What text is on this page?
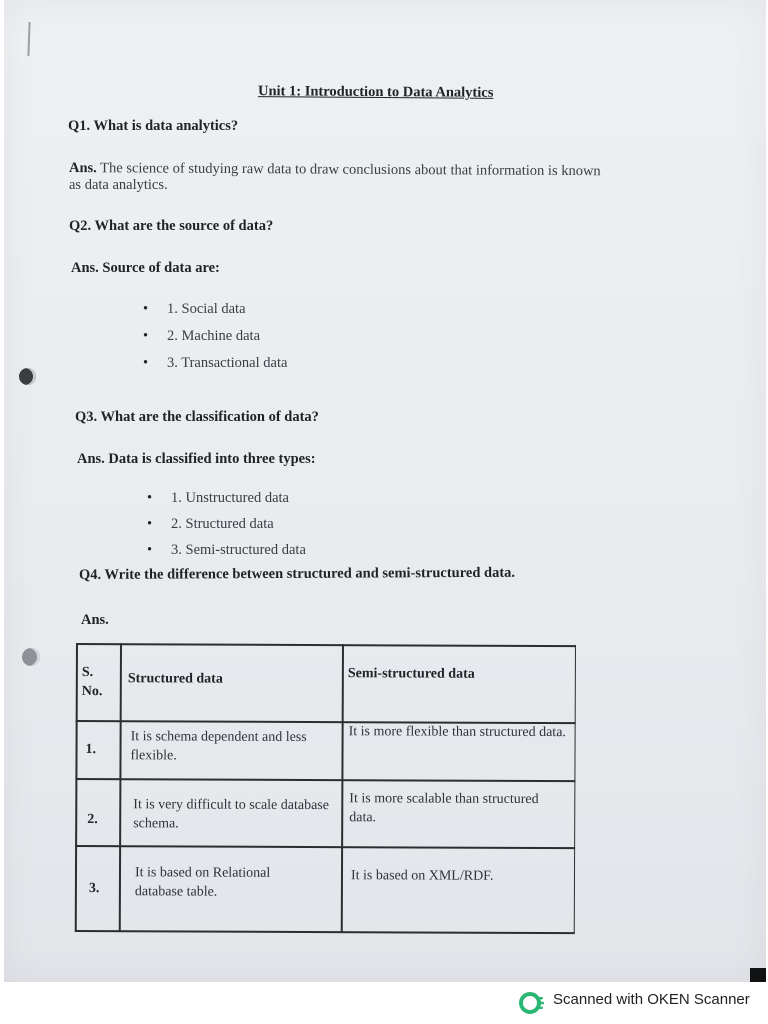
Unit 1: Introduction to Data Analytics
Q1. What is data analytics?
Ans. The science of studying raw data to draw conclusions about that information is known
as data analytics.
Q2. What are the source of data?
Ans. Source of data are:
• 1. Social data
• 2. Machine data
• 3. Transactional data
Q3. What are the classification of data?
Ans. Data is classified into three types:
• 1. Unstructured data
• 2. Structured data
• 3. Semi-structured data
Q4. Write the difference between structured and semi-structured data.
Ans.
S. No.
Structured data	Semi-structured data
1.
It is schema dependent and less flexible.
It is more flexible than structured data.
2.
It is very difficult to scale database schema.
It is more scalable than structured data.
3.
It is based on Relational database table.
It is based on XML/RDF.
Scanned with OKEN Scanner
